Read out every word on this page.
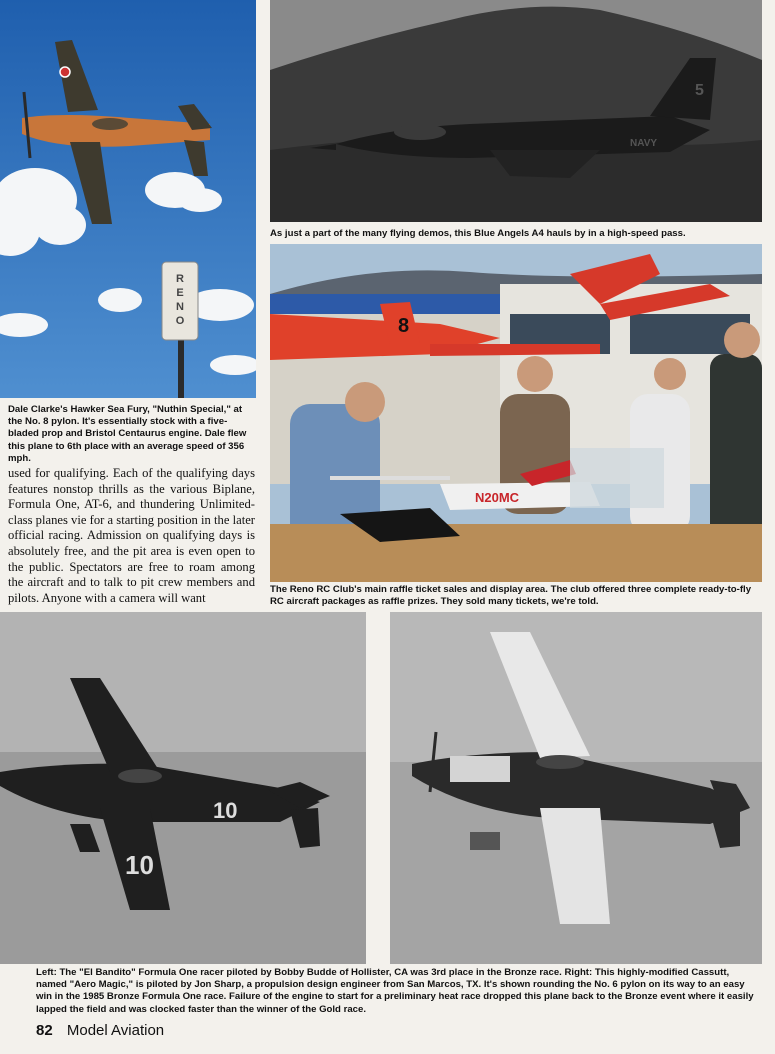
R
E
N
O
5
NAVY
As just a part of the many flying demos, this Blue Angels A4 hauls by in a high-speed pass.
8
N20MC
Dale Clarke's Hawker Sea Fury, "Nuthin Special," at the No. 8 pylon. It's essentially stock with a five-bladed prop and Bristol Centaurus engine. Dale flew this plane to 6th place with an average speed of 356 mph.
used for qualifying. Each of the qualifying days features nonstop thrills as the various Biplane, Formula One, AT-6, and thundering Unlimited-class planes vie for a starting position in the later official racing. Admission on qualifying days is absolutely free, and the pit area is even open to the public. Spectators are free to roam among the aircraft and to talk to pit crew members and pilots. Anyone with a camera will want
The Reno RC Club's main raffle ticket sales and display area. The club offered three complete ready-to-fly RC aircraft packages as raffle prizes. They sold many tickets, we're told.
10
10
Left: The "El Bandito" Formula One racer piloted by Bobby Budde of Hollister, CA was 3rd place in the Bronze race. Right: This highly-modified Cassutt, named "Aero Magic," is piloted by Jon Sharp, a propulsion design engineer from San Marcos, TX. It's shown rounding the No. 6 pylon on its way to an easy win in the 1985 Bronze Formula One race. Failure of the engine to start for a preliminary heat race dropped this plane back to the Bronze event where it easily lapped the field and was clocked faster than the winner of the Gold race.
82 Model Aviation
